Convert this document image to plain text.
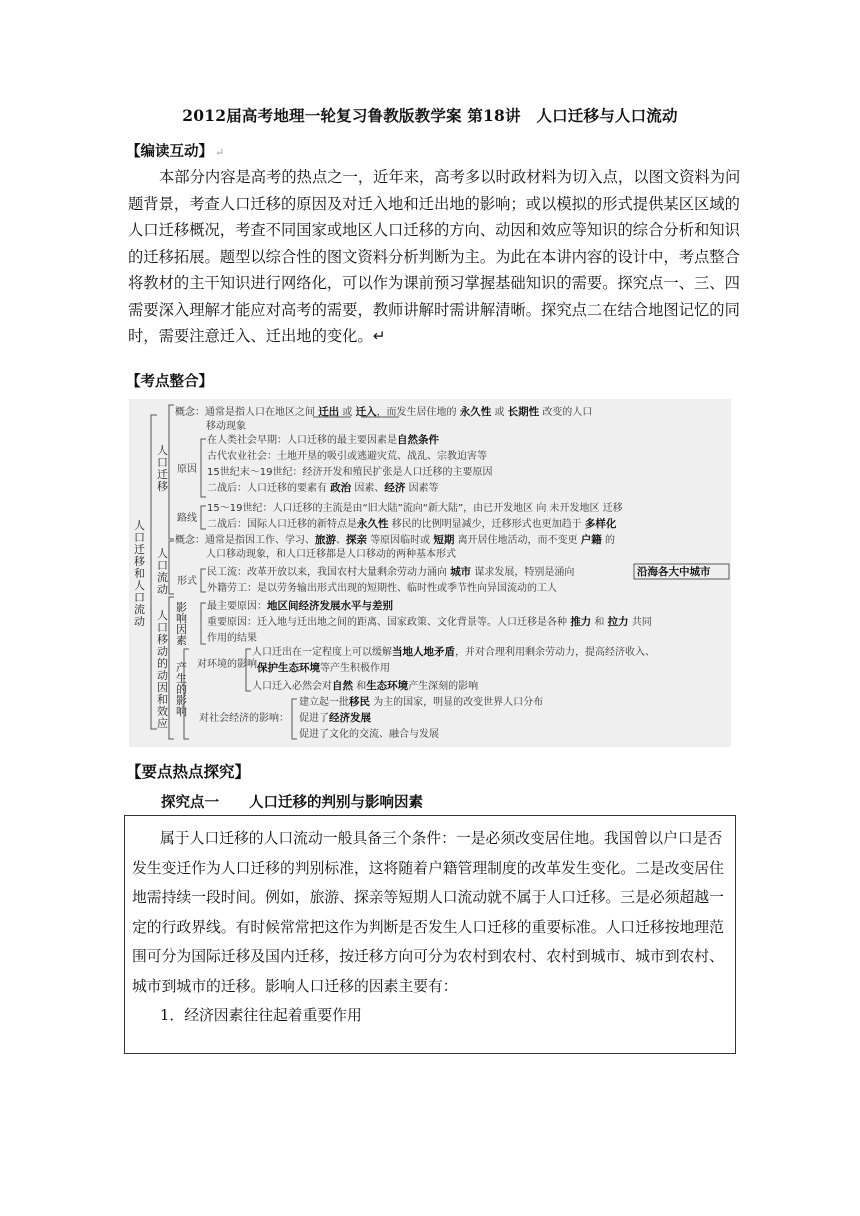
2012届高考地理一轮复习鲁教版教学案 第18讲　人口迁移与人口流动
【编读互动】 ↵
本部分内容是高考的热点之一，近年来，高考多以时政材料为切入点，以图文资料为问
题背景，考查人口迁移的原因及对迁入地和迁出地的影响；或以模拟的形式提供某区区域的
人口迁移概况，考查不同国家或地区人口迁移的方向、动因和效应等知识的综合分析和知识
的迁移拓展。题型以综合性的图文资料分析判断为主。为此在本讲内容的设计中，考点整合
将教材的主干知识进行网络化，可以作为课前预习掌握基础知识的需要。探究点一、三、四
需要深入理解才能应对高考的需要，教师讲解时需讲解清晰。探究点二在结合地图记忆的同
时，需要注意迁入、迁出地的变化。↵
【考点整合】
人口迁移和人口流动
人口迁移
人口流动
人口移动的动因和效应
影响因素
产生的影响
概念：通常是指人口在地区之间 迁出 或 迁入，而发生居住地的 永久性 或 长期性 改变的人口
移动现象
原因
在人类社会早期：人口迁移的最主要因素是自然条件
古代农业社会：土地开垦的吸引或逃避灾荒、战乱、宗教迫害等
15世纪末～19世纪：经济开发和殖民扩张是人口迁移的主要原因
二战后：人口迁移的要素有 政治 因素、经济 因素等
路线
15～19世纪：人口迁移的主流是由“旧大陆”流向“新大陆”，由已开发地区 向 未开发地区 迁移
二战后：国际人口迁移的新特点是永久性 移民的比例明显减少，迁移形式也更加趋于 多样化
概念：通常是指因工作、学习、旅游、探亲 等原因临时或 短期 离开居住地活动，而不变更 户籍 的
人口移动现象，和人口迁移都是人口移动的两种基本形式
形式
民工流：改革开放以来，我国农村大量剩余劳动力涌向 城市 谋求发展，特别是涌向	沿海各大中城市
外籍劳工：是以劳务输出形式出现的短期性、临时性或季节性向异国流动的工人
最主要原因：地区间经济发展水平与差别
重要原因：迁入地与迁出地之间的距离、国家政策、文化背景等。人口迁移是各种 推力 和 拉力 共同
作用的结果
对环境的影响
人口迁出在一定程度上可以缓解当地人地矛盾，并对合理利用剩余劳动力，提高经济收入、
保护生态环境等产生积极作用
人口迁入必然会对自然 和生态环境产生深刻的影响
对社会经济的影响：
建立起一批移民 为主的国家，明显的改变世界人口分布
促进了经济发展
促进了文化的交流、融合与发展
【要点热点探究】
探究点一 人口迁移的判别与影响因素
属于人口迁移的人口流动一般具备三个条件：一是必须改变居住地。我国曾以户口是否
发生变迁作为人口迁移的判别标准，这将随着户籍管理制度的改革发生变化。二是改变居住
地需持续一段时间。例如，旅游、探亲等短期人口流动就不属于人口迁移。三是必须超越一
定的行政界线。有时候常常把这作为判断是否发生人口迁移的重要标准。人口迁移按地理范
围可分为国际迁移及国内迁移，按迁移方向可分为农村到农村、农村到城市、城市到农村、
城市到城市的迁移。影响人口迁移的因素主要有：
1．经济因素往往起着重要作用
